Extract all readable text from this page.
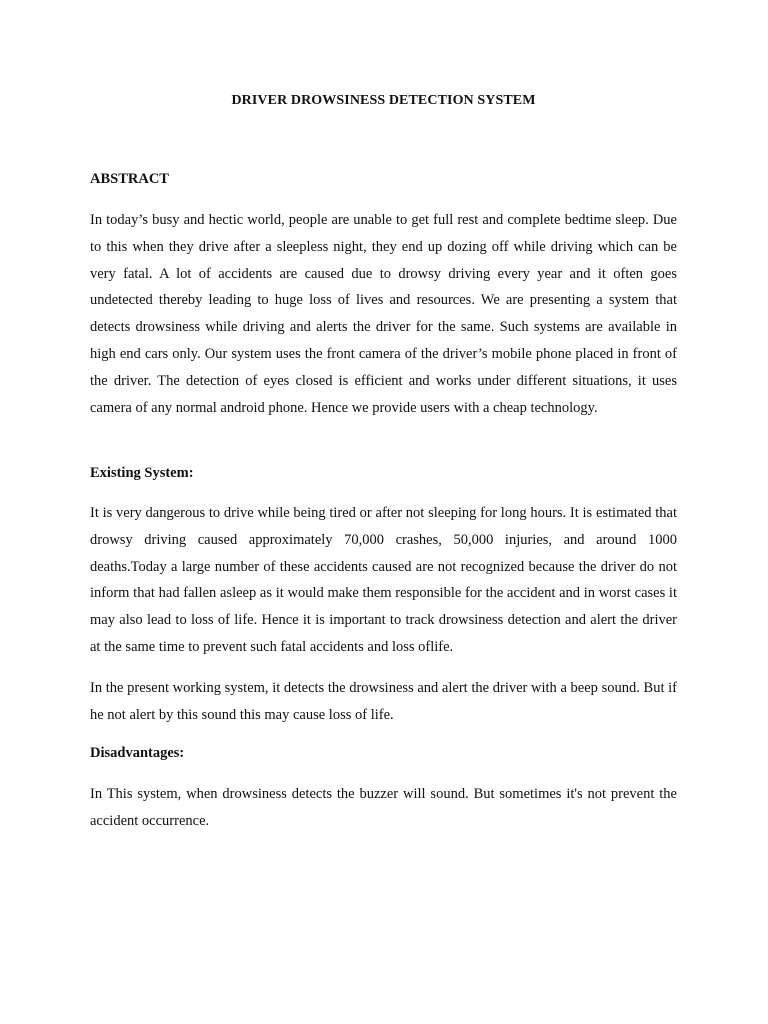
DRIVER DROWSINESS DETECTION SYSTEM
ABSTRACT
In today’s busy and hectic world, people are unable to get full rest and complete bedtime sleep. Due to this when they drive after a sleepless night, they end up dozing off while driving which can be very fatal. A lot of accidents are caused due to drowsy driving every year and it often goes undetected thereby leading to huge loss of lives and resources. We are presenting a system that detects drowsiness while driving and alerts the driver for the same. Such systems are available in high end cars only. Our system uses the front camera of the driver’s mobile phone placed in front of the driver. The detection of eyes closed is efficient and works under different situations, it uses camera of any normal android phone. Hence we provide users with a cheap technology.
Existing System:
It is very dangerous to drive while being tired or after not sleeping for long hours. It is estimated that drowsy driving caused approximately 70,000 crashes, 50,000 injuries, and around 1000 deaths.Today a large number of these accidents caused are not recognized because the driver do not inform that had fallen asleep as it would make them responsible for the accident and in worst cases it may also lead to loss of life. Hence it is important to track drowsiness detection and alert the driver at the same time to prevent such fatal accidents and loss oflife.
In the present working system, it detects the drowsiness and alert the driver with a beep sound. But if he not alert by this sound this may cause loss of life.
Disadvantages:
In This system, when drowsiness detects the buzzer will sound. But sometimes it's not prevent the accident occurrence.
